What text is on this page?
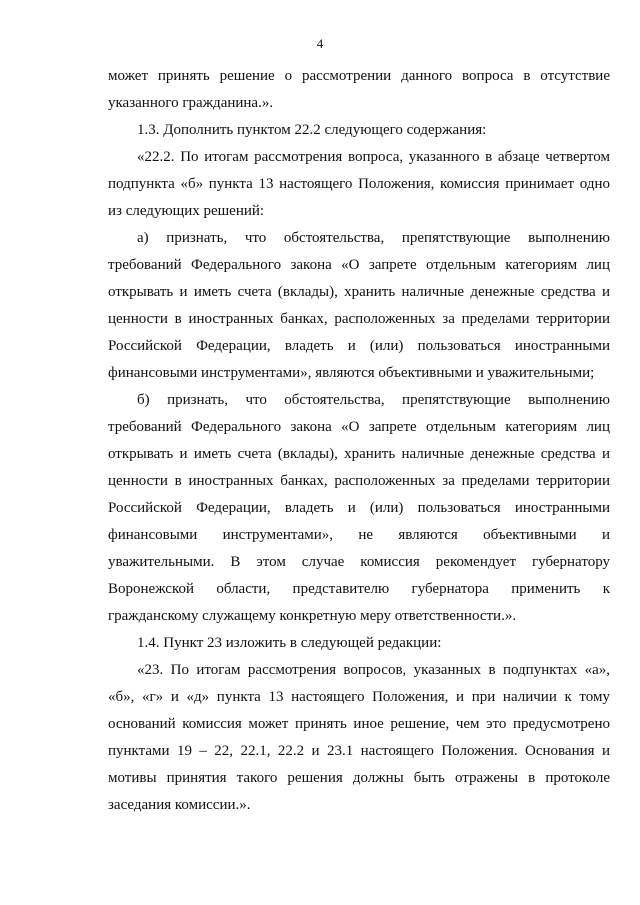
4

может принять решение о рассмотрении данного вопроса в отсутствие указанного гражданина.».

1.3. Дополнить пунктом 22.2 следующего содержания:

«22.2. По итогам рассмотрения вопроса, указанного в абзаце четвертом подпункта «б» пункта 13 настоящего Положения, комиссия принимает одно из следующих решений:

а) признать, что обстоятельства, препятствующие выполнению требований Федерального закона «О запрете отдельным категориям лиц открывать и иметь счета (вклады), хранить наличные денежные средства и ценности в иностранных банках, расположенных за пределами территории Российской Федерации, владеть и (или) пользоваться иностранными финансовыми инструментами», являются объективными и уважительными;

б) признать, что обстоятельства, препятствующие выполнению требований Федерального закона «О запрете отдельным категориям лиц открывать и иметь счета (вклады), хранить наличные денежные средства и ценности в иностранных банках, расположенных за пределами территории Российской Федерации, владеть и (или) пользоваться иностранными финансовыми инструментами», не являются объективными и уважительными. В этом случае комиссия рекомендует губернатору Воронежской области, представителю губернатора применить к гражданскому служащему конкретную меру ответственности.».

1.4. Пункт 23 изложить в следующей редакции:

«23. По итогам рассмотрения вопросов, указанных в подпунктах «а», «б», «г» и «д» пункта 13 настоящего Положения, и при наличии к тому оснований комиссия может принять иное решение, чем это предусмотрено пунктами 19 – 22, 22.1, 22.2 и 23.1 настоящего Положения. Основания и мотивы принятия такого решения должны быть отражены в протоколе заседания комиссии.».
